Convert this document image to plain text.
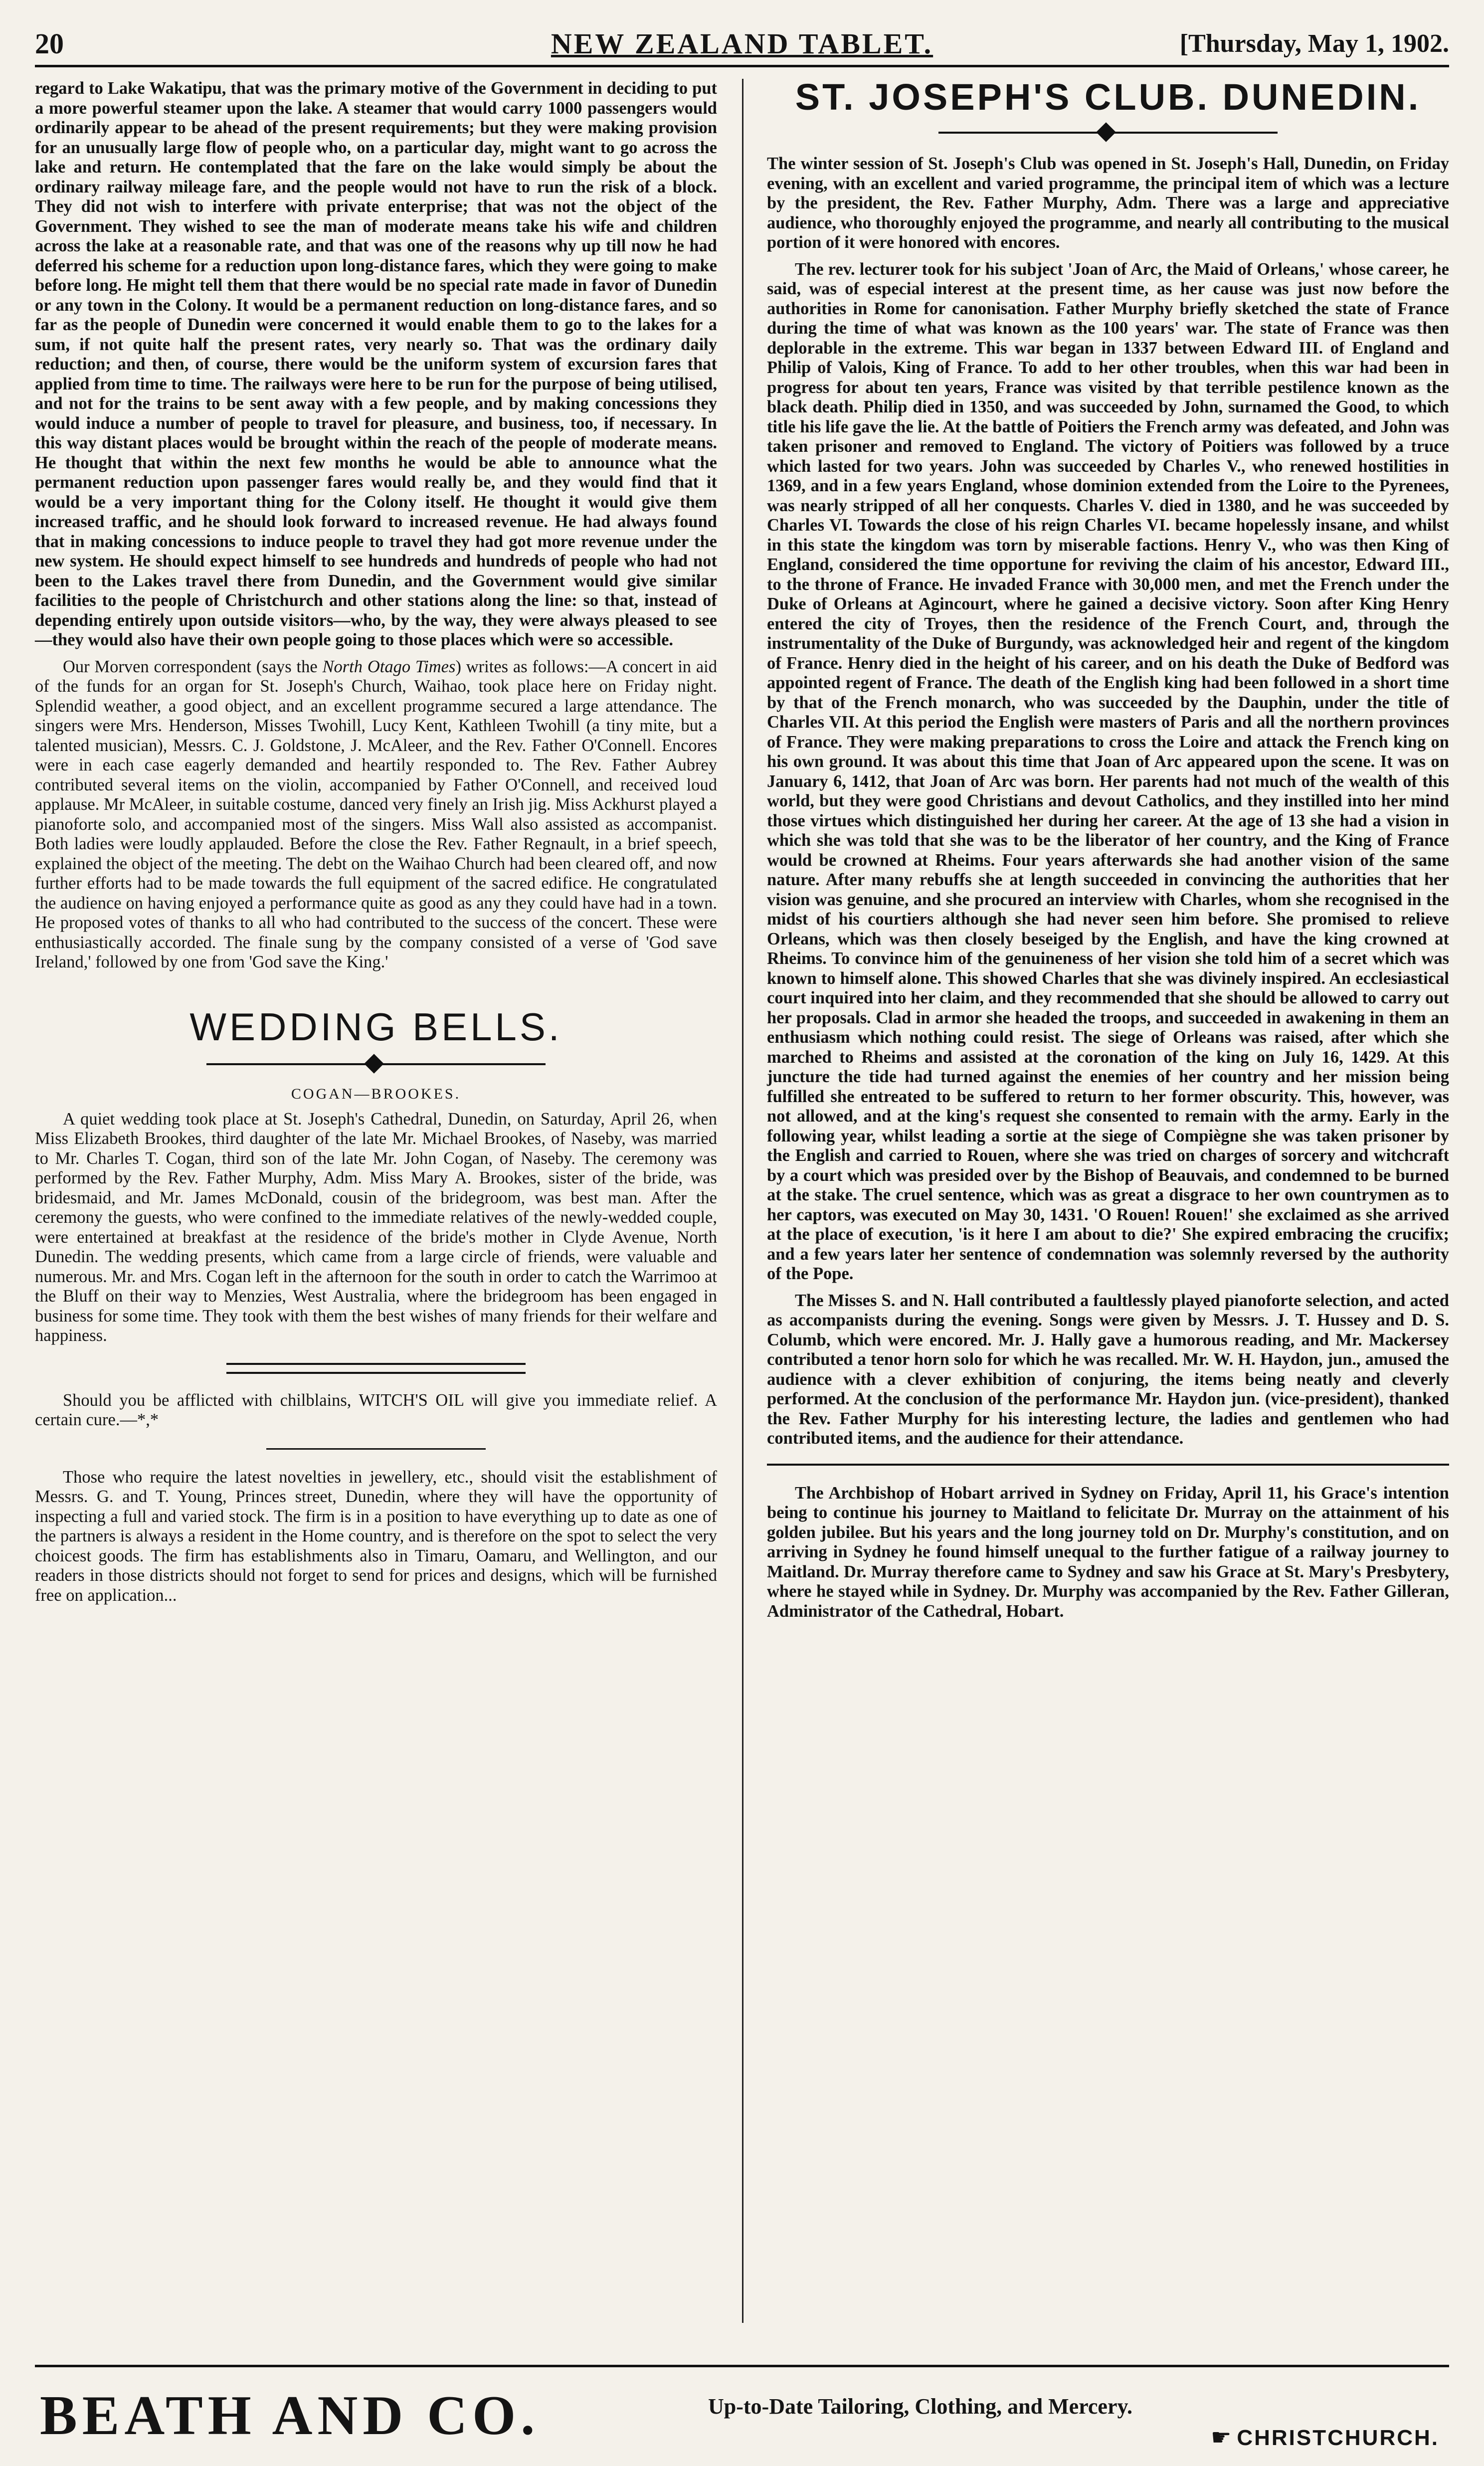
20	NEW ZEALAND TABLET.	[Thursday, May 1, 1902.

regard to Lake Wakatipu, that was the primary motive of the Government in deciding to put a more powerful steamer upon the lake. A steamer that would carry 1000 passengers would ordinarily appear to be ahead of the present requirements; but they were making provision for an unusually large flow of people who, on a particular day, might want to go across the lake and return. He contemplated that the fare on the lake would simply be about the ordinary railway mileage fare, and the people would not have to run the risk of a block. They did not wish to interfere with private enterprise; that was not the object of the Government. They wished to see the man of moderate means take his wife and children across the lake at a reasonable rate, and that was one of the reasons why up till now he had deferred his scheme for a reduction upon long-distance fares, which they were going to make before long. He might tell them that there would be no special rate made in favor of Dunedin or any town in the Colony. It would be a permanent reduction on long-distance fares, and so far as the people of Dunedin were concerned it would enable them to go to the lakes for a sum, if not quite half the present rates, very nearly so. That was the ordinary daily reduction; and then, of course, there would be the uniform system of excursion fares that applied from time to time. The railways were here to be run for the purpose of being utilised, and not for the trains to be sent away with a few people, and by making concessions they would induce a number of people to travel for pleasure, and business, too, if necessary. In this way distant places would be brought within the reach of the people of moderate means. He thought that within the next few months he would be able to announce what the permanent reduction upon passenger fares would really be, and they would find that it would be a very important thing for the Colony itself. He thought it would give them increased traffic, and he should look forward to increased revenue. He had always found that in making concessions to induce people to travel they had got more revenue under the new system. He should expect himself to see hundreds and hundreds of people who had not been to the Lakes travel there from Dunedin, and the Government would give similar facilities to the people of Christchurch and other stations along the line: so that, instead of depending entirely upon outside visitors—who, by the way, they were always pleased to see—they would also have their own people going to those places which were so accessible.

Our Morven correspondent (says the North Otago Times) writes as follows:—A concert in aid of the funds for an organ for St. Joseph's Church, Waihao, took place here on Friday night. Splendid weather, a good object, and an excellent programme secured a large attendance. The singers were Mrs. Henderson, Misses Twohill, Lucy Kent, Kathleen Twohill (a tiny mite, but a talented musician), Messrs. C. J. Goldstone, J. McAleer, and the Rev. Father O'Connell. Encores were in each case eagerly demanded and heartily responded to. The Rev. Father Aubrey contributed several items on the violin, accompanied by Father O'Connell, and received loud applause. Mr McAleer, in suitable costume, danced very finely an Irish jig. Miss Ackhurst played a pianoforte solo, and accompanied most of the singers. Miss Wall also assisted as accompanist. Both ladies were loudly applauded. Before the close the Rev. Father Regnault, in a brief speech, explained the object of the meeting. The debt on the Waihao Church had been cleared off, and now further efforts had to be made towards the full equipment of the sacred edifice. He congratulated the audience on having enjoyed a performance quite as good as any they could have had in a town. He proposed votes of thanks to all who had contributed to the success of the concert. These were enthusiastically accorded. The finale sung by the company consisted of a verse of 'God save Ireland,' followed by one from 'God save the King.'

WEDDING BELLS.
COGAN—BROOKES.

A quiet wedding took place at St. Joseph's Cathedral, Dunedin, on Saturday, April 26, when Miss Elizabeth Brookes, third daughter of the late Mr. Michael Brookes, of Naseby, was married to Mr. Charles T. Cogan, third son of the late Mr. John Cogan, of Naseby. The ceremony was performed by the Rev. Father Murphy, Adm. Miss Mary A. Brookes, sister of the bride, was bridesmaid, and Mr. James McDonald, cousin of the bridegroom, was best man. After the ceremony the guests, who were confined to the immediate relatives of the newly-wedded couple, were entertained at breakfast at the residence of the bride's mother in Clyde Avenue, North Dunedin. The wedding presents, which came from a large circle of friends, were valuable and numerous. Mr. and Mrs. Cogan left in the afternoon for the south in order to catch the Warrimoo at the Bluff on their way to Menzies, West Australia, where the bridegroom has been engaged in business for some time. They took with them the best wishes of many friends for their welfare and happiness.

Should you be afflicted with chilblains, WITCH'S OIL will give you immediate relief. A certain cure.—*,*

Those who require the latest novelties in jewellery, etc., should visit the establishment of Messrs. G. and T. Young, Princes street, Dunedin, where they will have the opportunity of inspecting a full and varied stock. The firm is in a position to have everything up to date as one of the partners is always a resident in the Home country, and is therefore on the spot to select the very choicest goods. The firm has establishments also in Timaru, Oamaru, and Wellington, and our readers in those districts should not forget to send for prices and designs, which will be furnished free on application...

ST. JOSEPH'S CLUB. DUNEDIN.

The winter session of St. Joseph's Club was opened in St. Joseph's Hall, Dunedin, on Friday evening, with an excellent and varied programme, the principal item of which was a lecture by the president, the Rev. Father Murphy, Adm. There was a large and appreciative audience, who thoroughly enjoyed the programme, and nearly all contributing to the musical portion of it were honored with encores.

The rev. lecturer took for his subject 'Joan of Arc, the Maid of Orleans,' whose career, he said, was of especial interest at the present time, as her cause was just now before the authorities in Rome for canonisation. Father Murphy briefly sketched the state of France during the time of what was known as the 100 years' war. The state of France was then deplorable in the extreme. This war began in 1337 between Edward III. of England and Philip of Valois, King of France. To add to her other troubles, when this war had been in progress for about ten years, France was visited by that terrible pestilence known as the black death. Philip died in 1350, and was succeeded by John, surnamed the Good, to which title his life gave the lie. At the battle of Poitiers the French army was defeated, and John was taken prisoner and removed to England. The victory of Poitiers was followed by a truce which lasted for two years. John was succeeded by Charles V., who renewed hostilities in 1369, and in a few years England, whose dominion extended from the Loire to the Pyrenees, was nearly stripped of all her conquests. Charles V. died in 1380, and he was succeeded by Charles VI. Towards the close of his reign Charles VI. became hopelessly insane, and whilst in this state the kingdom was torn by miserable factions. Henry V., who was then King of England, considered the time opportune for reviving the claim of his ancestor, Edward III., to the throne of France. He invaded France with 30,000 men, and met the French under the Duke of Orleans at Agincourt, where he gained a decisive victory. Soon after King Henry entered the city of Troyes, then the residence of the French Court, and, through the instrumentality of the Duke of Burgundy, was acknowledged heir and regent of the kingdom of France. Henry died in the height of his career, and on his death the Duke of Bedford was appointed regent of France. The death of the English king had been followed in a short time by that of the French monarch, who was succeeded by the Dauphin, under the title of Charles VII. At this period the English were masters of Paris and all the northern provinces of France. They were making preparations to cross the Loire and attack the French king on his own ground. It was about this time that Joan of Arc appeared upon the scene. It was on January 6, 1412, that Joan of Arc was born. Her parents had not much of the wealth of this world, but they were good Christians and devout Catholics, and they instilled into her mind those virtues which distinguished her during her career. At the age of 13 she had a vision in which she was told that she was to be the liberator of her country, and the King of France would be crowned at Rheims. Four years afterwards she had another vision of the same nature. After many rebuffs she at length succeeded in convincing the authorities that her vision was genuine, and she procured an interview with Charles, whom she recognised in the midst of his courtiers although she had never seen him before. She promised to relieve Orleans, which was then closely beseiged by the English, and have the king crowned at Rheims. To convince him of the genuineness of her vision she told him of a secret which was known to himself alone. This showed Charles that she was divinely inspired. An ecclesiastical court inquired into her claim, and they recommended that she should be allowed to carry out her proposals. Clad in armor she headed the troops, and succeeded in awakening in them an enthusiasm which nothing could resist. The siege of Orleans was raised, after which she marched to Rheims and assisted at the coronation of the king on July 16, 1429. At this juncture the tide had turned against the enemies of her country and her mission being fulfilled she entreated to be suffered to return to her former obscurity. This, however, was not allowed, and at the king's request she consented to remain with the army. Early in the following year, whilst leading a sortie at the siege of Compiègne she was taken prisoner by the English and carried to Rouen, where she was tried on charges of sorcery and witchcraft by a court which was presided over by the Bishop of Beauvais, and condemned to be burned at the stake. The cruel sentence, which was as great a disgrace to her own countrymen as to her captors, was executed on May 30, 1431. 'O Rouen! Rouen!' she exclaimed as she arrived at the place of execution, 'is it here I am about to die?' She expired embracing the crucifix; and a few years later her sentence of condemnation was solemnly reversed by the authority of the Pope.

The Misses S. and N. Hall contributed a faultlessly played pianoforte selection, and acted as accompanists during the evening. Songs were given by Messrs. J. T. Hussey and D. S. Columb, which were encored. Mr. J. Hally gave a humorous reading, and Mr. Mackersey contributed a tenor horn solo for which he was recalled. Mr. W. H. Haydon, jun., amused the audience with a clever exhibition of conjuring, the items being neatly and cleverly performed. At the conclusion of the performance Mr. Haydon jun. (vice-president), thanked the Rev. Father Murphy for his interesting lecture, the ladies and gentlemen who had contributed items, and the audience for their attendance.

The Archbishop of Hobart arrived in Sydney on Friday, April 11, his Grace's intention being to continue his journey to Maitland to felicitate Dr. Murray on the attainment of his golden jubilee. But his years and the long journey told on Dr. Murphy's constitution, and on arriving in Sydney he found himself unequal to the further fatigue of a railway journey to Maitland. Dr. Murray therefore came to Sydney and saw his Grace at St. Mary's Presbytery, where he stayed while in Sydney. Dr. Murphy was accompanied by the Rev. Father Gilleran, Administrator of the Cathedral, Hobart.

BEATH AND CO.	Up-to-Date Tailoring, Clothing, and Mercery.
☛ CHRISTCHURCH.
